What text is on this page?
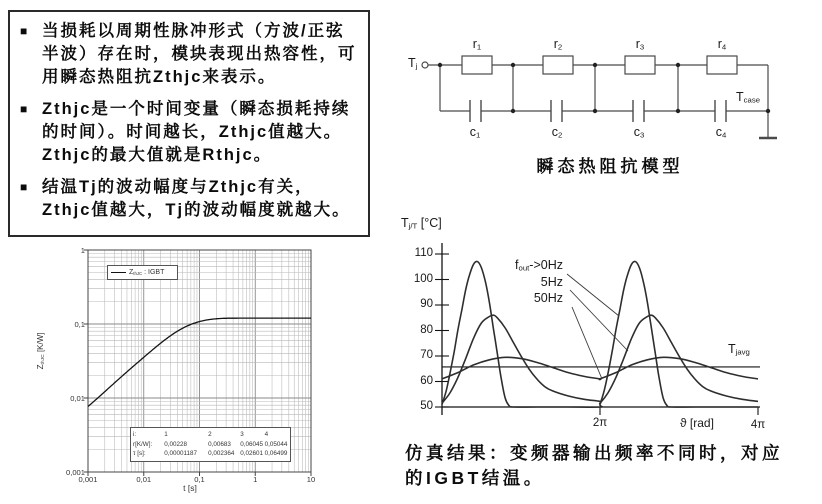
■ 当损耗以周期性脉冲形式（方波/正弦半波）存在时，模块表现出热容性，可用瞬态热阻抗Zthjc来表示。
■ Zthjc是一个时间变量（瞬态损耗持续的时间）。时间越长，Zthjc值越大。Zthjc的最大值就是Rthjc。
■ 结温Tj的波动幅度与Zthjc有关，Zthjc值越大，Tj的波动幅度就越大。
$T_j$
$r_1$	$r_2$	$r_3$	$r_4$
$c_1$	$c_2$	$c_3$	$c_4$
$T_{case}$
瞬态热阻抗模型
$Z_{thJC}$ [K/W]
t [s]
$Z_{thJC}$ : IGBT
i:	1	2	3	4
r[K/W]:	0,00228	0,00683	0,06045 0,05044
τ [s]:	0,00001187	0,002364 0,02601 0,06499
0,001	0,01	0,1	1	10
1
0,1
0,01
0,001
$T_{j/T}$ [°C]
ϑ [rad]
$T_{javg}$
110
100
90
80
70
60
50
2π	4π
$f_{out}->0Hz$
5Hz
50Hz
仿真结果：变频器输出频率不同时，对应的IGBT结温。
